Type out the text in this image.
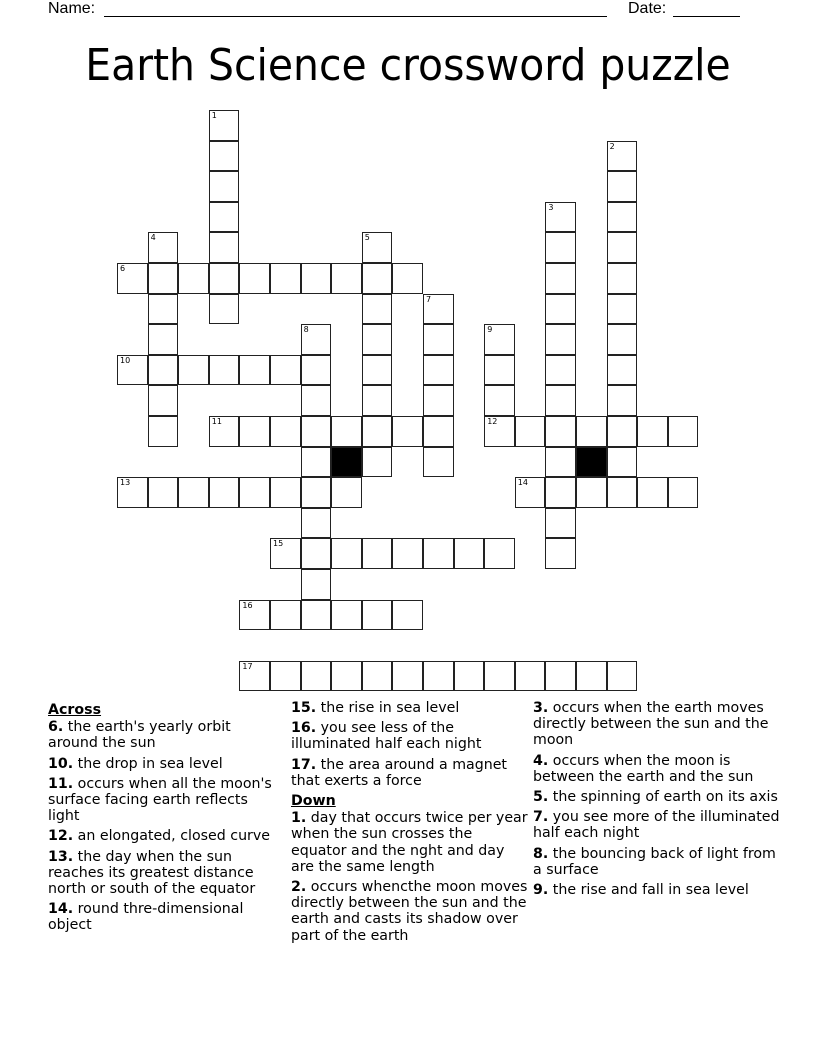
Name:	Date:
Earth Science crossword puzzle
1
2
3
4	5
6
7
8	9
12
10
11
13	14
15
16
17
Across
6. the earth's yearly orbit around the sun
10. the drop in sea level
11. occurs when all the moon's surface facing earth reflects light
12. an elongated, closed curve
13. the day when the sun reaches its greatest distance north or south of the equator
14. round thre-dimensional object
15. the rise in sea level
16. you see less of the illuminated half each night
17. the area around a magnet that exerts a force
Down
1. day that occurs twice per year when the sun crosses the equator and the nght and day are the same length
2. occurs whencthe moon moves directly between the sun and the earth and casts its shadow over part of the earth
3. occurs when the earth moves directly between the sun and the moon
4. occurs when the moon is between the earth and the sun
5. the spinning of earth on its axis
7. you see more of the illuminated half each night
8. the bouncing back of light from a surface
9. the rise and fall in sea level
